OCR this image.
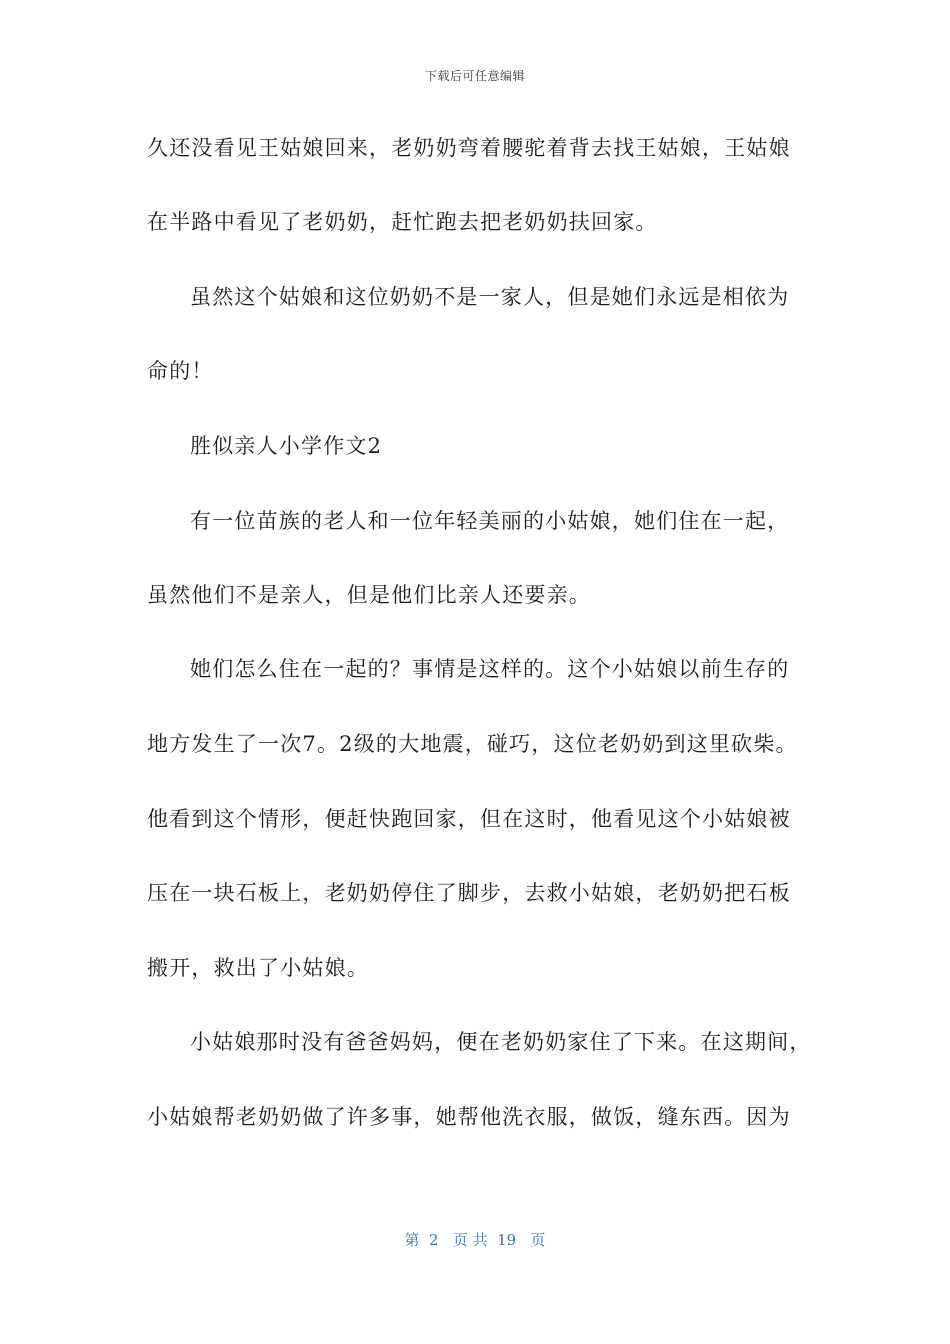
下载后可任意编辑
久还没看见王姑娘回来，老奶奶弯着腰驼着背去找王姑娘，王姑娘
在半路中看见了老奶奶，赶忙跑去把老奶奶扶回家。
虽然这个姑娘和这位奶奶不是一家人，但是她们永远是相依为
命的！
胜似亲人小学作文2
有一位苗族的老人和一位年轻美丽的小姑娘，她们住在一起，
虽然他们不是亲人，但是他们比亲人还要亲。
她们怎么住在一起的？事情是这样的。这个小姑娘以前生存的
地方发生了一次7。2级的大地震，碰巧，这位老奶奶到这里砍柴。
他看到这个情形，便赶快跑回家，但在这时，他看见这个小姑娘被
压在一块石板上，老奶奶停住了脚步，去救小姑娘，老奶奶把石板
搬开，救出了小姑娘。
小姑娘那时没有爸爸妈妈，便在老奶奶家住了下来。在这期间，
小姑娘帮老奶奶做了许多事，她帮他洗衣服，做饭，缝东西。因为
第  2   页 共  19   页
